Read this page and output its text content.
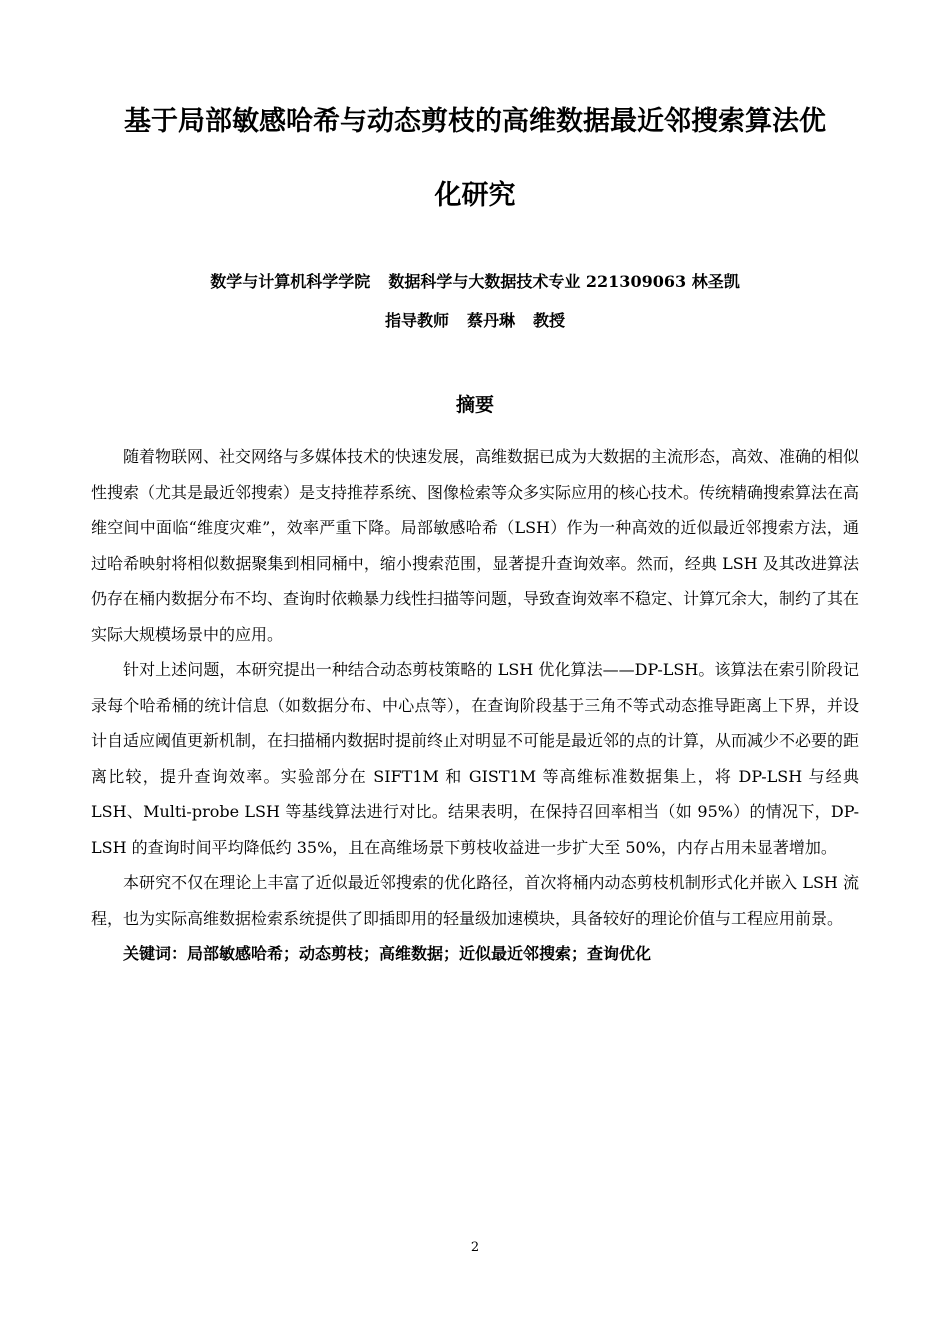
基于局部敏感哈希与动态剪枝的高维数据最近邻搜索算法优
化研究
数学与计算机科学学院 数据科学与大数据技术专业 221309063 林圣凯
指导教师 蔡丹琳 教授
摘要

随着物联网、社交网络与多媒体技术的快速发展，高维数据已成为大数据的主流形态，高效、准确的相似性搜索（尤其是最近邻搜索）是支持推荐系统、图像检索等众多实际应用的核心技术。传统精确搜索算法在高维空间中面临“维度灾难”，效率严重下降。局部敏感哈希（LSH）作为一种高效的近似最近邻搜索方法，通过哈希映射将相似数据聚集到相同桶中，缩小搜索范围，显著提升查询效率。然而，经典 LSH 及其改进算法仍存在桶内数据分布不均、查询时依赖暴力线性扫描等问题，导致查询效率不稳定、计算冗余大，制约了其在实际大规模场景中的应用。

针对上述问题，本研究提出一种结合动态剪枝策略的 LSH 优化算法——DP-LSH。该算法在索引阶段记录每个哈希桶的统计信息（如数据分布、中心点等），在查询阶段基于三角不等式动态推导距离上下界，并设计自适应阈值更新机制，在扫描桶内数据时提前终止对明显不可能是最近邻的点的计算，从而减少不必要的距离比较，提升查询效率。实验部分在 SIFT1M 和 GIST1M 等高维标准数据集上，将 DP-LSH 与经典 LSH、Multi-probe LSH 等基线算法进行对比。结果表明，在保持召回率相当（如 95%）的情况下，DP-LSH 的查询时间平均降低约 35%，且在高维场景下剪枝收益进一步扩大至 50%，内存占用未显著增加。

本研究不仅在理论上丰富了近似最近邻搜索的优化路径，首次将桶内动态剪枝机制形式化并嵌入 LSH 流程，也为实际高维数据检索系统提供了即插即用的轻量级加速模块，具备较好的理论价值与工程应用前景。

关键词：局部敏感哈希；动态剪枝；高维数据；近似最近邻搜索；查询优化

2
